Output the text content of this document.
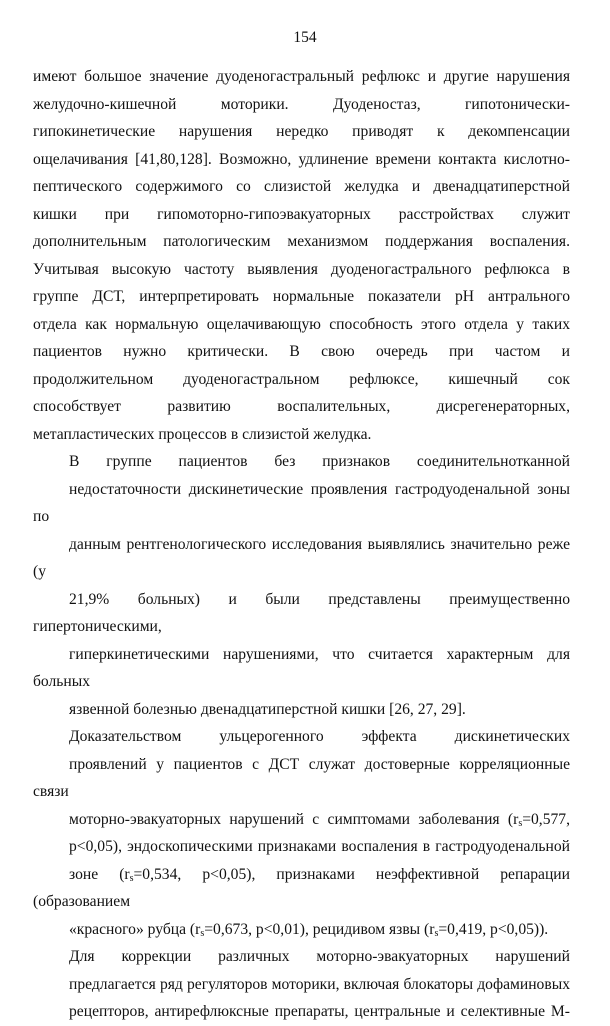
154

имеют большое значение дуоденогастральный рефлюкс и другие нарушения
желудочно-кишечной моторики. Дуоденостаз, гипотонически-
гипокинетические нарушения нередко приводят к декомпенсации
ощелачивания [41,80,128]. Возможно, удлинение времени контакта кислотно-
пептического содержимого со слизистой желудка и двенадцатиперстной
кишки при гипомоторно-гипоэвакуаторных расстройствах служит
дополнительным патологическим механизмом поддержания воспаления.
Учитывая высокую частоту выявления дуоденогастрального рефлюкса в
группе ДСТ, интерпретировать нормальные показатели pH антрального
отдела как нормальную ощелачивающую способность этого отдела у таких
пациентов нужно критически. В свою очередь при частом и
продолжительном дуоденогастральном рефлюксе, кишечный сок
способствует развитию воспалительных, дисрегенераторных,
метапластических процессов в слизистой желудка.

В группе пациентов без признаков соединительнотканной
недостаточности дискинетические проявления гастродуоденальной зоны по
данным рентгенологического исследования выявлялись значительно реже (у
21,9% больных) и были представлены преимущественно гипертоническими,
гиперкинетическими нарушениями, что считается характерным для больных
язвенной болезнью двенадцатиперстной кишки [26, 27, 29].

Доказательством ульцерогенного эффекта дискинетических
проявлений у пациентов с ДСТ служат достоверные корреляционные связи
моторно-эвакуаторных нарушений с симптомами заболевания ($r_s=0,577$,
p<0,05), эндоскопическими признаками воспаления в гастродуоденальной
зоне ($r_s=0,534$, p<0,05), признаками неэффективной репарации (образованием
«красного» рубца ($r_s=0,673$, p<0,01), рецидивом язвы ($r_s=0,419$, p<0,05)).

Для коррекции различных моторно-эвакуаторных нарушений
предлагается ряд регуляторов моторики, включая блокаторы дофаминовых
рецепторов, антирефлюксные препараты, центральные и селективные М-
